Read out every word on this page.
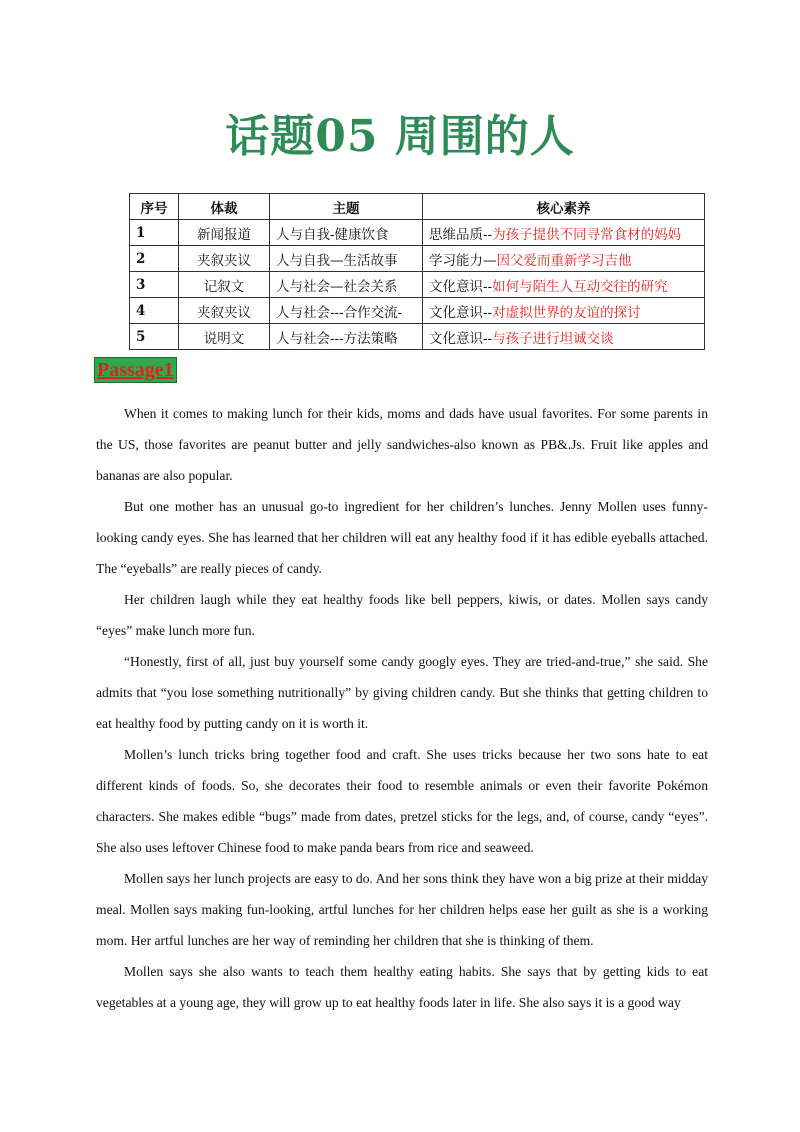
话题05 周围的人
序号	体裁	主题	核心素养
1	新闻报道	人与自我-健康饮食	思维品质--为孩子提供不同寻常食材的妈妈
2	夹叙夹议	人与自我—生活故事	学习能力—因父爱而重新学习吉他
3	记叙文	人与社会—社会关系	文化意识--如何与陌生人互动交往的研究
4	夹叙夹议	人与社会---合作交流-	文化意识--对虚拟世界的友谊的探讨
5	说明文	人与社会---方法策略	文化意识--与孩子进行坦诚交谈
Passage1

When it comes to making lunch for their kids, moms and dads have usual favorites. For some parents in the US, those favorites are peanut butter and jelly sandwiches-also known as PB&.Js. Fruit like apples and bananas are also popular.

But one mother has an unusual go-to ingredient for her children’s lunches. Jenny Mollen uses funny-looking candy eyes. She has learned that her children will eat any healthy food if it has edible eyeballs attached. The “eyeballs” are really pieces of candy.

Her children laugh while they eat healthy foods like bell peppers, kiwis, or dates. Mollen says candy “eyes” make lunch more fun.

“Honestly, first of all, just buy yourself some candy googly eyes. They are tried-and-true,” she said. She admits that “you lose something nutritionally” by giving children candy. But she thinks that getting children to eat healthy food by putting candy on it is worth it.

Mollen’s lunch tricks bring together food and craft. She uses tricks because her two sons hate to eat different kinds of foods. So, she decorates their food to resemble animals or even their favorite Pokémon characters. She makes edible “bugs” made from dates, pretzel sticks for the legs, and, of course, candy “eyes”. She also uses leftover Chinese food to make panda bears from rice and seaweed.

Mollen says her lunch projects are easy to do. And her sons think they have won a big prize at their midday meal. Mollen says making fun-looking, artful lunches for her children helps ease her guilt as she is a working mom. Her artful lunches are her way of reminding her children that she is thinking of them.

Mollen says she also wants to teach them healthy eating habits. She says that by getting kids to eat vegetables at a young age, they will grow up to eat healthy foods later in life. She also says it is a good way
